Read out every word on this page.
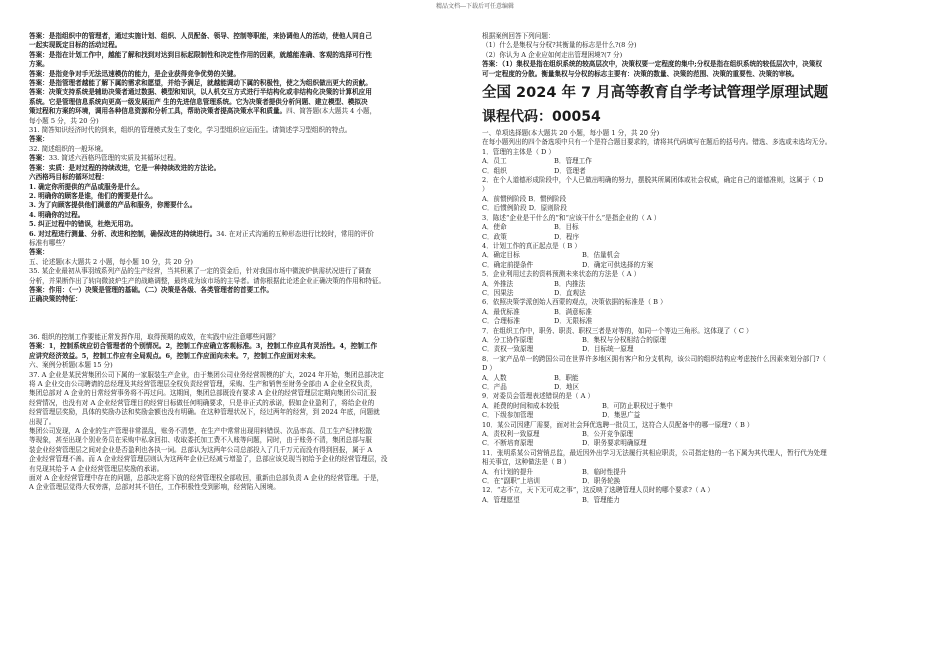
精品文档---下载后可任意编辑

答案：是指组织中的管理者，通过实施计划、组织、人员配备、领导、控制等职能，来协调他人的活动，使他人同自己

一起实现既定目标的活动过程。

答案：是指在计划工作中，越能了解和找到对达到目标起限制性和决定性作用的因素，就越能准确、客观的选择可行性

方案。

答案：是指竞争对手无法迅速模仿的能力，是企业获得竞争优势的关键。

答案：是指管理者越能了解下属的需求和愿望，并给予满足，就越能调动下属的积极性，使之为组织做出更大的贡献。

答案：决策支持系统是辅助决策者通过数据、模型和知识，以人机交互方式进行半结构化或非结构化决策的计算机应用

系统。它是管理信息系统向更高一级发展而产 生的先进信息管理系统。它为决策者提供分析问题、建立模型、模拟决

策过程和方案的环境，调用各种信息资源和分析工具，帮助决策者提高决策水平和质量。四、简答题(本大题共 4 小题，

每小题 5 分，共 20 分)

31. 简答知识经济时代的到来，组织的管理模式发生了变化，学习型组织应运而生。请简述学习型组织的特点。

答案：

32. 简述组织的一般环境。

答案：33. 简述六西格玛管理的实质及其循环过程。

答案：实质：是对过程的持续改进，它是一种持续改进的方法论。

六西格玛目标的循环过程：

1. 确定你所提供的产品或服务是什么。

2. 明确你的顾客是谁，他们的需要是什么。

3. 为了向顾客提供他们满意的产品和服务，你需要什么。

4. 明确你的过程。

5. 纠正过程中的错误，杜绝无用功。

6. 对过程进行测量、分析、改进和控制，确保改进的持续进行。34. 在对正式沟通的五种形态进行比较时，常用的评价

标准有哪些？

答案：

五、论述题(本大题共 2 小题，每小题 10 分，共 20 分)

35. 某企业最初从事羽绒系列产品的生产经营，当其积累了一定的资金后，针对我国市场中微波炉供需状况进行了调查

分析，并果断作出了转向微波炉生产的战略调整，最终成为该市场的主导者。请你根据此论述企业正确决策的作用和特征。

答案：作用：（一）决策是管理的基础。（二）决策是各级、各类管理者的首要工作。

正确决策的特征：

36. 组织的控制工作要能正常发挥作用，取得预期的成效，在实践中应注意哪些问题？

答案：1，控制系统应切合管理者的个别情况。2，控制工作应确立客观标准。3，控制工作应具有灵活性。4，控制工作

应讲究经济效益。5，控制工作应有全局观点。6，控制工作应面向未来。7，控制工作应面对未来。

六、案例分析题(本题 15 分)

37. A 企业是某民营集团公司下属的一家服装生产企业，由于集团公司业务经营规模的扩大，2024 年开始，集团总部决定

将 A 企业交由公司聘请的总经理及其经营管理层全权负责经营管理，采购、生产和销售至财务全部由 A 企业全权负责，

集团总部对 A 企业的日常经营事务将不再过问。这期间，集团总部既没有要求 A 企业的经营管理层定期向集团公司汇报

经营情况，也没有对 A 企业经营管理目的经营目标做任何明确要求，只是非正式的承诺，假如企业盈利了，将给企业的

经营管理层奖励，具体的奖励办法和奖励金额也没有明确。在这种管理状况下，经过两年的经营，到 2024 年底，问题就

出现了。

集团公司发现，A 企业的生产管理非常混乱，账务不清楚，在生产中常常出现用料错误、次品率高、员工生产纪律松散

等现象，甚至出现个别业务员在采购中私拿回扣、收取委托加工费不入账等问题，同时，由于账务不清，集团总部与服

装企业经营管理层之间对企业是否盈利也各执一词。总部认为这两年公司总部投入了几千万元而没有得到回报，属于 A

企业经营管理不善。而 A 企业经营管理层则认为这两年企业已经减亏增盈了，总部应该兑现当初给予企业的经营管理层，没

有兑现其给予 A 企业经营管理层奖励的承诺。

面对 A 企业经营管理中存在的问题，总部决定将下放的经营管理权全部收回，重新由总部负责 A 企业的经营管理。于是，

A 企业管理层觉得大权旁落，总部对其不信任，工作积极性受到影响，经营陷入困境。

根据案例回答下列问题：

（1）什么是集权与分权?其衡量的标志是什么?(8 分)

（2）你认为 A 企业应如何走出管理困境?(7 分)

答案：（1）集权是指在组织系统的较高层次中，决策权要一定程度的集中;分权是指在组织系统的较低层次中，决策权

可一定程度的分散。衡量集权与分权的标志主要有：决策的数量、决策的范围、决策的重要性、决策的审核。

全国 2024 年 7 月高等教育自学考试管理学原理试题
课程代码：00054

一、单项选择题(本大题共 20 小题，每小题 1 分，共 20 分)

在每小题列出的四个备选项中只有一个是符合题目要求的，请将其代码填写在题后的括号内。错选、多选或未选均无分。

1．管理的主体是（ D ）

A．员工	B．管理工作
C．组织	D．管理者

2．在个人道德形成阶段中，个人已做出明确的努力，摆脱其所属团体或社会权威，确定自己的道德准则，这属于（ D

）

A．前惯例阶段 B．惯例阶段
C．后惯例阶段 D．原则阶段

3．陈述“企业是干什么的”和“应该干什么”是指企业的（ A ）

A．使命	B．目标
C．政策	D．程序

4．计划工作的真正起点是（ B ）

A．确定目标	B．估量机会
C．确定前提条件	D．确定可供选择的方案

5．企业利用过去的资料预测未来状态的方法是（ A ）

A．外推法	B．内推法
C．因果法	D．直观法

6．依照决策学派创始人西蒙的观点，决策依据的标准是（ B ）

A．最优标准	B．满意标准
C．合理标准	D．无限标准

7．在组织工作中，职务、职责、职权三者是对等的，如同一个等边三角形。这体现了（ C ）

A．分工协作原理	B．集权与分权相结合的原理
C．责权一致原理	D．目标统一原理

8．一家产品单一的跨国公司在世界许多地区拥有客户和分支机构，该公司的组织结构应考虑按什么因素来划分部门?（

D ）

A．人数	B．职能
C．产品	D．地区

9．对委员会管理表述错误的是（ A ）

A．耗费的时间和成本较低	B．可防止职权过于集中
C．下级参加管理	D．集思广益

10．某公司因建厂需要，面对社会拜优选聘一批员工，这符合人员配备中的哪一原理?（ B ）

A．责权利一致原理	B．公开竞争原理
C．不断培育原理	D．职务要求明确原理

11．张明系某公司营销总监，最近因外出学习无法履行其相应职责，公司指定他的一名下属为其代理人，暂行代为处理

相关事宜，这种做法是（ B ）

A．有计划的提升	B．临时性提升
C．在“副职”上培训	D．职务轮换

12．“志不立，天下无可成之事”，这反映了选聘管理人员时的哪个要求?（ A ）

A．管理愿望	B．管理能力
